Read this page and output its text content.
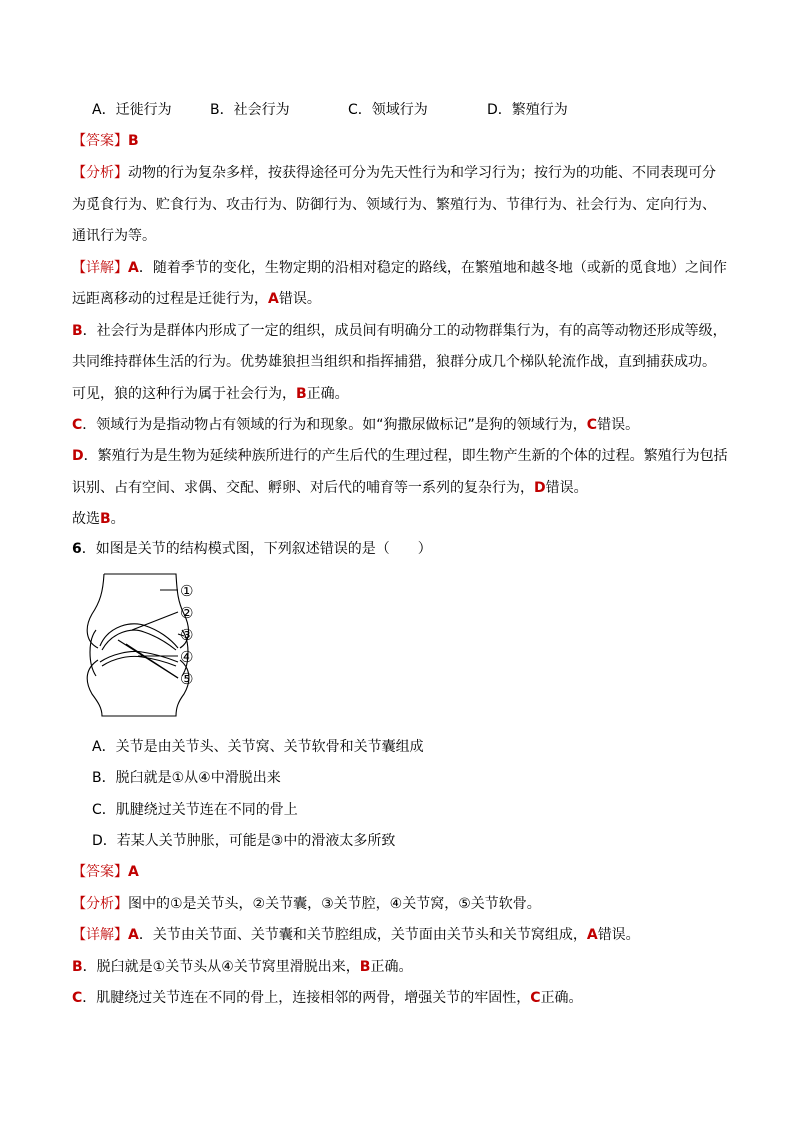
A．迁徙行为	B．社会行为	C．领域行为	D．繁殖行为
【答案】B
【分析】动物的行为复杂多样，按获得途径可分为先天性行为和学习行为；按行为的功能、不同表现可分
为觅食行为、贮食行为、攻击行为、防御行为、领域行为、繁殖行为、节律行为、社会行为、定向行为、
通讯行为等。
【详解】A．随着季节的变化，生物定期的沿相对稳定的路线，在繁殖地和越冬地（或新的觅食地）之间作
远距离移动的过程是迁徙行为，A错误。
B．社会行为是群体内形成了一定的组织，成员间有明确分工的动物群集行为，有的高等动物还形成等级，
共同维持群体生活的行为。优势雄狼担当组织和指挥捕猎，狼群分成几个梯队轮流作战，直到捕获成功。
可见，狼的这种行为属于社会行为，B正确。
C．领域行为是指动物占有领域的行为和现象。如“狗撒尿做标记”是狗的领域行为，C错误。
D．繁殖行为是生物为延续种族所进行的产生后代的生理过程，即生物产生新的个体的过程。繁殖行为包括
识别、占有空间、求偶、交配、孵卵、对后代的哺育等一系列的复杂行为，D错误。
故选B。
6．如图是关节的结构模式图，下列叙述错误的是（　　）
①
②
③
④
⑤
A．关节是由关节头、关节窝、关节软骨和关节囊组成
B．脱臼就是①从④中滑脱出来
C．肌腱绕过关节连在不同的骨上
D．若某人关节肿胀，可能是③中的滑液太多所致
【答案】A
【分析】图中的①是关节头，②关节囊，③关节腔，④关节窝，⑤关节软骨。
【详解】A．关节由关节面、关节囊和关节腔组成，关节面由关节头和关节窝组成，A错误。
B．脱臼就是①关节头从④关节窝里滑脱出来，B正确。
C．肌腱绕过关节连在不同的骨上，连接相邻的两骨，增强关节的牢固性，C正确。
